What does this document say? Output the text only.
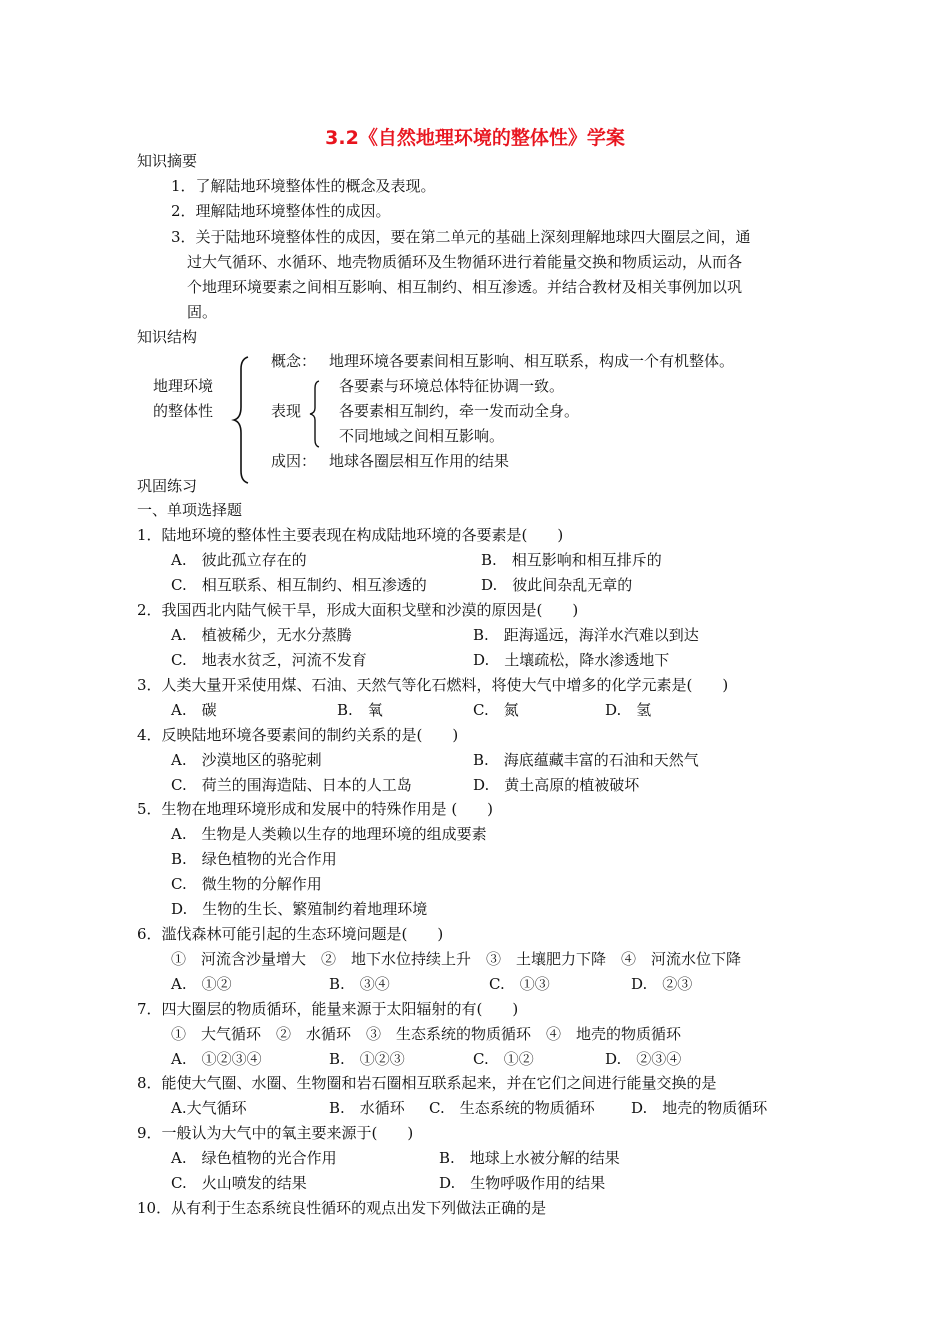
3.2《自然地理环境的整体性》学案
知识摘要
1．了解陆地环境整体性的概念及表现。
2．理解陆地环境整体性的成因。
3．关于陆地环境整体性的成因，要在第二单元的基础上深刻理解地球四大圈层之间，通
过大气循环、水循环、地壳物质循环及生物循环进行着能量交换和物质运动，从而各
个地理环境要素之间相互影响、相互制约、相互渗透。并结合教材及相关事例加以巩
固。
知识结构
地理环境
的整体性
概念： 地理环境各要素间相互影响、相互联系，构成一个有机整体。
表现
各要素与环境总体特征协调一致。
各要素相互制约，牵一发而动全身。
不同地域之间相互影响。
成因： 地球各圈层相互作用的结果
巩固练习
一、单项选择题
1．陆地环境的整体性主要表现在构成陆地环境的各要素是(　　)
A.　彼此孤立存在的	B.　相互影响和相互排斥的
C.　相互联系、相互制约、相互渗透的	D.　彼此间杂乱无章的
2．我国西北内陆气候干旱，形成大面积戈壁和沙漠的原因是(　　)
A.　植被稀少，无水分蒸腾	B.　距海遥远，海洋水汽难以到达
C.　地表水贫乏，河流不发育	D.　土壤疏松，降水渗透地下
3．人类大量开采使用煤、石油、天然气等化石燃料，将使大气中增多的化学元素是(　　)
A.　碳	B.　氧	C.　氮	D.　氢
4．反映陆地环境各要素间的制约关系的是(　　)
A.　沙漠地区的骆驼刺	B.　海底蕴藏丰富的石油和天然气
C.　荷兰的围海造陆、日本的人工岛	D.　黄土高原的植被破坏
5．生物在地理环境形成和发展中的特殊作用是 (　　)
A.　生物是人类赖以生存的地理环境的组成要素
B.　绿色植物的光合作用
C.　微生物的分解作用
D.　生物的生长、繁殖制约着地理环境
6．滥伐森林可能引起的生态环境问题是(　　)
①　河流含沙量增大　②　地下水位持续上升　③　土壤肥力下降　④　河流水位下降
A.　①②	B.　③④	C.　①③	D.　②③
7．四大圈层的物质循环，能量来源于太阳辐射的有(　　)
①　大气循环　②　水循环　③　生态系统的物质循环　④　地壳的物质循环
A.　①②③④	B.　①②③	C.　①②	D.　②③④
8．能使大气圈、水圈、生物圈和岩石圈相互联系起来，并在它们之间进行能量交换的是
A.大气循环	B.　水循环 C.　生态系统的物质循环 D.　地壳的物质循环
9．一般认为大气中的氧主要来源于(　　)
A.　绿色植物的光合作用	B.　地球上水被分解的结果
C.　火山喷发的结果	D.　生物呼吸作用的结果
10．从有利于生态系统良性循环的观点出发下列做法正确的是
